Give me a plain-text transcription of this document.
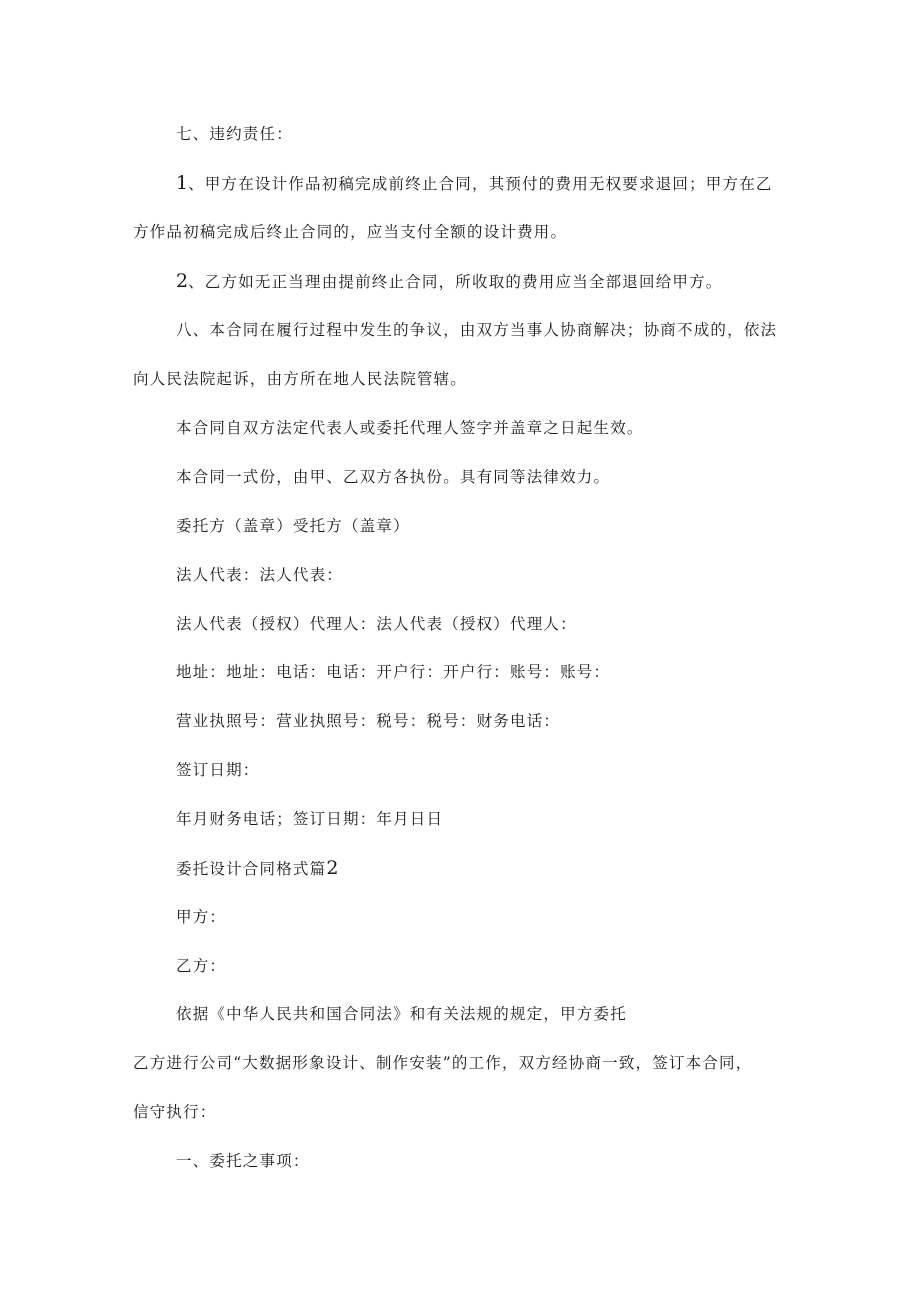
七、违约责任：

1、甲方在设计作品初稿完成前终止合同，其预付的费用无权要求退回；甲方在乙

方作品初稿完成后终止合同的，应当支付全额的设计费用。

2、乙方如无正当理由提前终止合同，所收取的费用应当全部退回给甲方。

八、本合同在履行过程中发生的争议，由双方当事人协商解决；协商不成的，依法

向人民法院起诉，由方所在地人民法院管辖。

本合同自双方法定代表人或委托代理人签字并盖章之日起生效。

本合同一式份，由甲、乙双方各执份。具有同等法律效力。

委托方（盖章）受托方（盖章）

法人代表：法人代表：

法人代表（授权）代理人：法人代表（授权）代理人：

地址：地址：电话：电话：开户行：开户行：账号：账号：

营业执照号：营业执照号：税号：税号：财务电话：

签订日期：

年月财务电话；签订日期：年月日日

委托设计合同格式篇2

甲方：

乙方：

依据《中华人民共和国合同法》和有关法规的规定，甲方委托

乙方进行公司“大数据形象设计、制作安装”的工作，双方经协商一致，签订本合同，

信守执行：

一、委托之事项：
